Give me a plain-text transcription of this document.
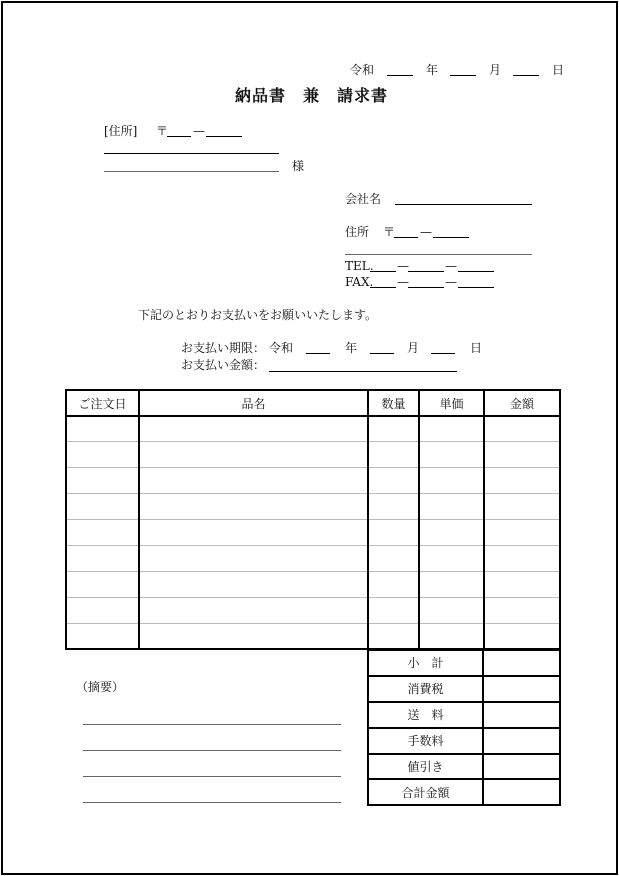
令和	年	月	日
納品書　兼　請求書
[住所] 〒 —
様
会社名
住所 〒 —
TEL. —	—
FAX. —	—
下記のとおりお支払いをお願いいたします。
お支払い期限： 令和	年	月	日
お支払い金額：
ご注文日	品名	数量	単価	金額

小　計	
消費税	
送　料	
手数料	
値引き	
合計金額	
（摘要）
